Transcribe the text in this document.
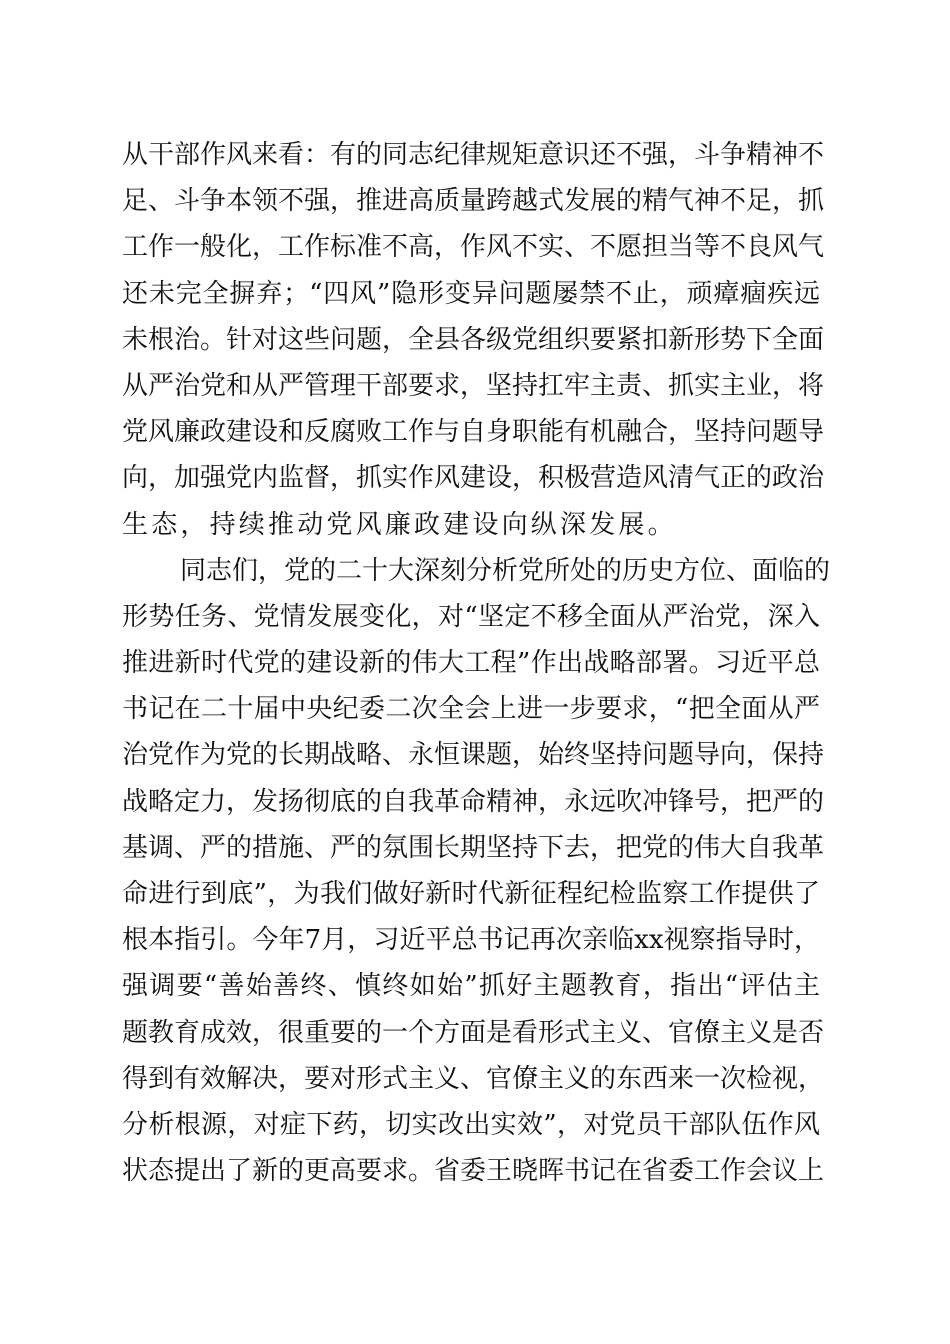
从干部作风来看：有的同志纪律规矩意识还不强，斗争精神不
足、斗争本领不强，推进高质量跨越式发展的精气神不足，抓
工作一般化，工作标准不高，作风不实、不愿担当等不良风气
还未完全摒弃；“四风”隐形变异问题屡禁不止，顽瘴痼疾远
未根治。针对这些问题，全县各级党组织要紧扣新形势下全面
从严治党和从严管理干部要求，坚持扛牢主责、抓实主业，将
党风廉政建设和反腐败工作与自身职能有机融合，坚持问题导
向，加强党内监督，抓实作风建设，积极营造风清气正的政治
生态，持续推动党风廉政建设向纵深发展。
同志们，党的二十大深刻分析党所处的历史方位、面临的
形势任务、党情发展变化，对“坚定不移全面从严治党，深入
推进新时代党的建设新的伟大工程”作出战略部署。习近平总
书记在二十届中央纪委二次全会上进一步要求，“把全面从严
治党作为党的长期战略、永恒课题，始终坚持问题导向，保持
战略定力，发扬彻底的自我革命精神，永远吹冲锋号，把严的
基调、严的措施、严的氛围长期坚持下去，把党的伟大自我革
命进行到底”，为我们做好新时代新征程纪检监察工作提供了
根本指引。今年7月，习近平总书记再次亲临xx视察指导时，
强调要“善始善终、慎终如始”抓好主题教育，指出“评估主
题教育成效，很重要的一个方面是看形式主义、官僚主义是否
得到有效解决，要对形式主义、官僚主义的东西来一次检视，
分析根源，对症下药，切实改出实效”，对党员干部队伍作风
状态提出了新的更高要求。省委王晓晖书记在省委工作会议上
